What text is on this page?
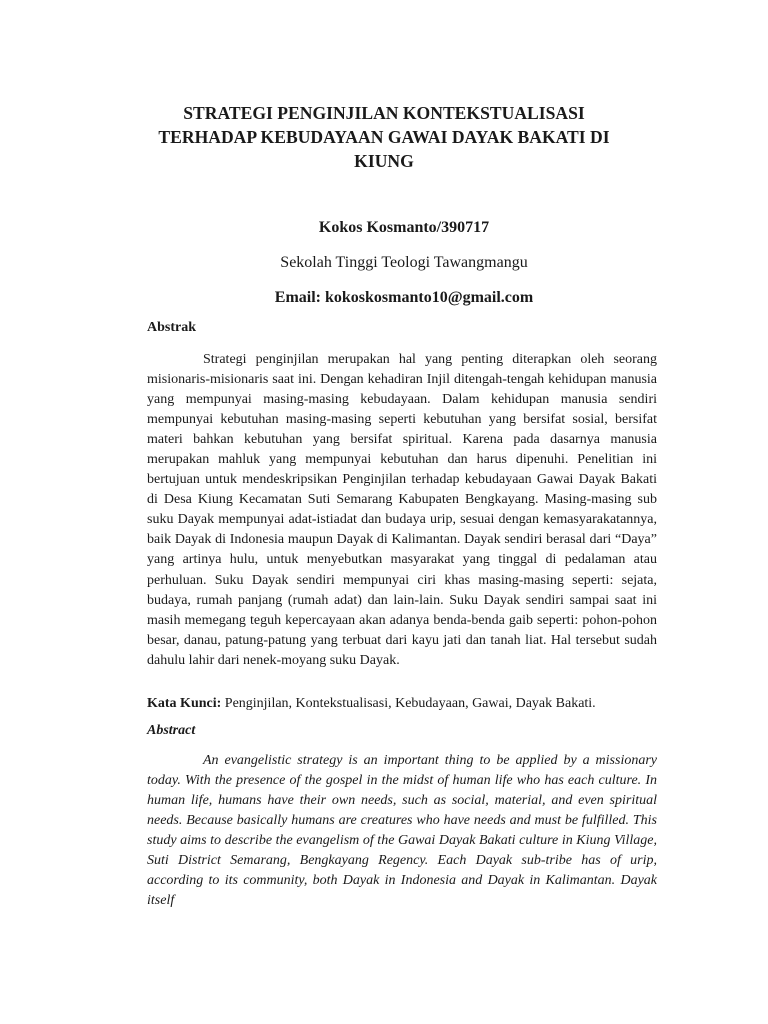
STRATEGI PENGINJILAN KONTEKSTUALISASI TERHADAP KEBUDAYAAN GAWAI DAYAK BAKATI DI KIUNG
Kokos Kosmanto/390717
Sekolah Tinggi Teologi Tawangmangu
Email: kokoskosmanto10@gmail.com
Abstrak

Strategi penginjilan merupakan hal yang penting diterapkan oleh seorang misionaris-misionaris saat ini. Dengan kehadiran Injil ditengah-tengah kehidupan manusia yang mempunyai masing-masing kebudayaan. Dalam kehidupan manusia sendiri mempunyai kebutuhan masing-masing seperti kebutuhan yang bersifat sosial, bersifat materi bahkan kebutuhan yang bersifat spiritual. Karena pada dasarnya manusia merupakan mahluk yang mempunyai kebutuhan dan harus dipenuhi. Penelitian ini bertujuan untuk mendeskripsikan Penginjilan terhadap kebudayaan Gawai Dayak Bakati di Desa Kiung Kecamatan Suti Semarang Kabupaten Bengkayang. Masing-masing sub suku Dayak mempunyai adat-istiadat dan budaya urip, sesuai dengan kemasyarakatannya, baik Dayak di Indonesia maupun Dayak di Kalimantan. Dayak sendiri berasal dari “Daya” yang artinya hulu, untuk menyebutkan masyarakat yang tinggal di pedalaman atau perhuluan. Suku Dayak sendiri mempunyai ciri khas masing-masing seperti: sejata, budaya, rumah panjang (rumah adat) dan lain-lain. Suku Dayak sendiri sampai saat ini masih memegang teguh kepercayaan akan adanya benda-benda gaib seperti: pohon-pohon besar, danau, patung-patung yang terbuat dari kayu jati dan tanah liat. Hal tersebut sudah dahulu lahir dari nenek-moyang suku Dayak.

Kata Kunci: Penginjilan, Kontekstualisasi, Kebudayaan, Gawai, Dayak Bakati.
Abstract

An evangelistic strategy is an important thing to be applied by a missionary today. With the presence of the gospel in the midst of human life who has each culture. In human life, humans have their own needs, such as social, material, and even spiritual needs. Because basically humans are creatures who have needs and must be fulfilled. This study aims to describe the evangelism of the Gawai Dayak Bakati culture in Kiung Village, Suti District Semarang, Bengkayang Regency. Each Dayak sub-tribe has of urip, according to its community, both Dayak in Indonesia and Dayak in Kalimantan. Dayak itself
